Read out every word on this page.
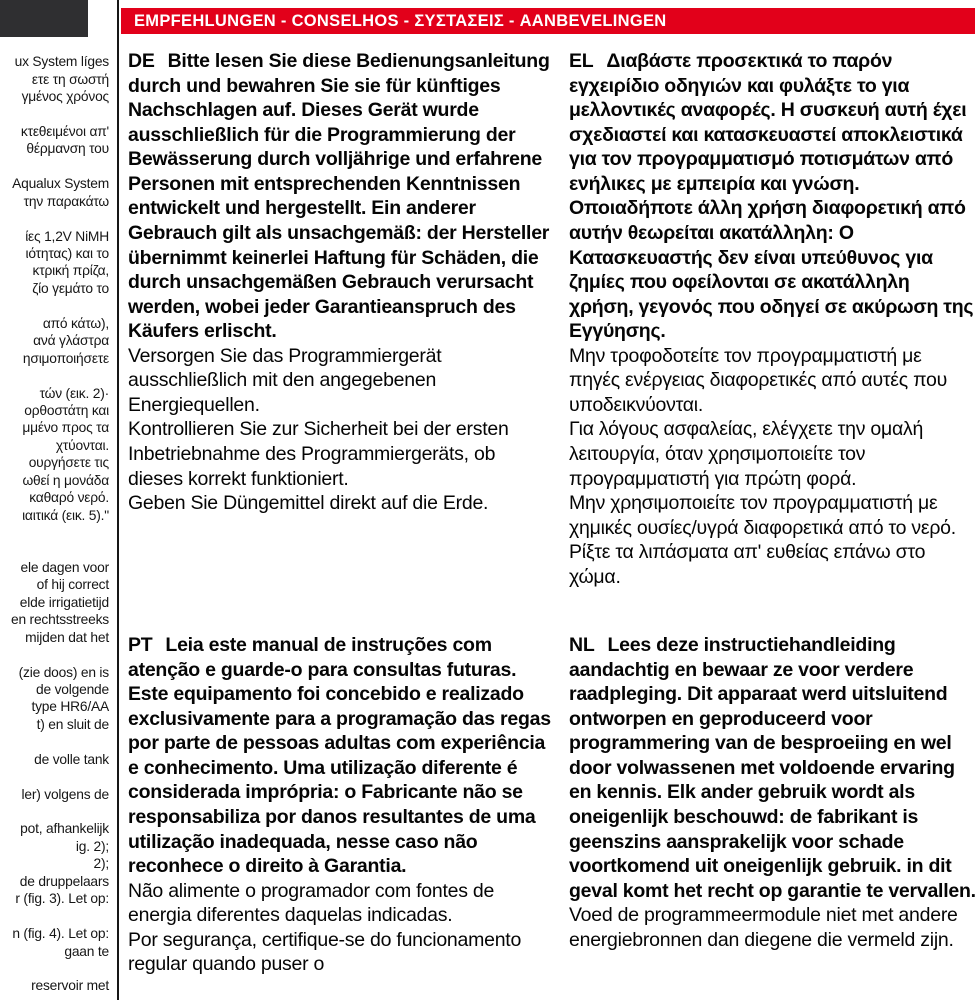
EMPFEHLUNGEN - CONSELHOS - ΣΥΣΤΑΣΕΙΣ - AANBEVELINGEN
ux System líges
ετε τη σωστή
γμένος χρόνος
κτεθειμένοι απ'
θέρμανση του
Aqualux System
την παρακάτω
ίες 1,2V NiMH
ιότητας) και το
κτρική πρίζα,
ζίο γεμάτο το
από κάτω),
ανά γλάστρα
ησιμοποιήσετε
τών (εικ. 2)·
ορθοστάτη και
μμένο προς τα
χτύονται.
ουργήσετε τις
ωθεί η μονάδα
καθαρό νερό.
ιαιτικά (εικ. 5)."
ele dagen voor
of hij correct
elde irrigatietijd
en rechtsstreeks
mijden dat het
(zie doos) en is
de volgende
type HR6/AA
t) en sluit de
de volle tank
ler) volgens de
pot, afhankelijk
ig. 2);
2);
de druppelaars
r (fig. 3). Let op:
n (fig. 4). Let op:
gaan te
reservoir met

DE Bitte lesen Sie diese Bedienungsanleitung durch und bewahren Sie sie für künftiges Nachschlagen auf. Dieses Gerät wurde ausschließlich für die Programmierung der Bewässerung durch volljährige und erfahrene Personen mit entsprechenden Kenntnissen entwickelt und hergestellt. Ein anderer Gebrauch gilt als unsachgemäß: der Hersteller übernimmt keinerlei Haftung für Schäden, die durch unsachgemäßen Gebrauch verursacht werden, wobei jeder Garantieanspruch des Käufers erlischt.

Versorgen Sie das Programmiergerät ausschließlich mit den angegebenen Energiequellen.

Kontrollieren Sie zur Sicherheit bei der ersten Inbetriebnahme des Programmiergeräts, ob dieses korrekt funktioniert.

Geben Sie Düngemittel direkt auf die Erde.

EL Διαβάστε προσεκτικά το παρόν εγχειρίδιο οδηγιών και φυλάξτε το για μελλοντικές αναφορές. Η συσκευή αυτή έχει σχεδιαστεί και κατασκευαστεί αποκλειστικά για τον προγραμματισμό ποτισμάτων από ενήλικες με εμπειρία και γνώση. Οποιαδήποτε άλλη χρήση διαφορετική από αυτήν θεωρείται ακατάλληλη: Ο Κατασκευαστής δεν είναι υπεύθυνος για ζημίες που οφείλονται σε ακατάλληλη χρήση, γεγονός που οδηγεί σε ακύρωση της Εγγύησης.

Μην τροφοδοτείτε τον προγραμματιστή με πηγές ενέργειας διαφορετικές από αυτές που υποδεικνύονται.

Για λόγους ασφαλείας, ελέγχετε την ομαλή λειτουργία, όταν χρησιμοποιείτε τον προγραμματιστή για πρώτη φορά.

Μην χρησιμοποιείτε τον προγραμματιστή με χημικές ουσίες/υγρά διαφορετικά από το νερό.

Ρίξτε τα λιπάσματα απ' ευθείας επάνω στο χώμα.

PT Leia este manual de instruções com atenção e guarde-o para consultas futuras. Este equipamento foi concebido e realizado exclusivamente para a programação das regas por parte de pessoas adultas com experiência e conhecimento. Uma utilização diferente é considerada imprópria: o Fabricante não se responsabiliza por danos resultantes de uma utilização inadequada, nesse caso não reconhece o direito à Garantia.

Não alimente o programador com fontes de energia diferentes daquelas indicadas.

Por segurança, certifique-se do funcionamento regular quando puser o

NL Lees deze instructiehandleiding aandachtig en bewaar ze voor verdere raadpleging. Dit apparaat werd uitsluitend ontworpen en geproduceerd voor programmering van de besproeiing en wel door volwassenen met voldoende ervaring en kennis. Elk ander gebruik wordt als oneigenlijk beschouwd: de fabrikant is geenszins aansprakelijk voor schade voortkomend uit oneigenlijk gebruik. in dit geval komt het recht op garantie te vervallen.

Voed de programmeermodule niet met andere energiebronnen dan diegene die vermeld zijn.
